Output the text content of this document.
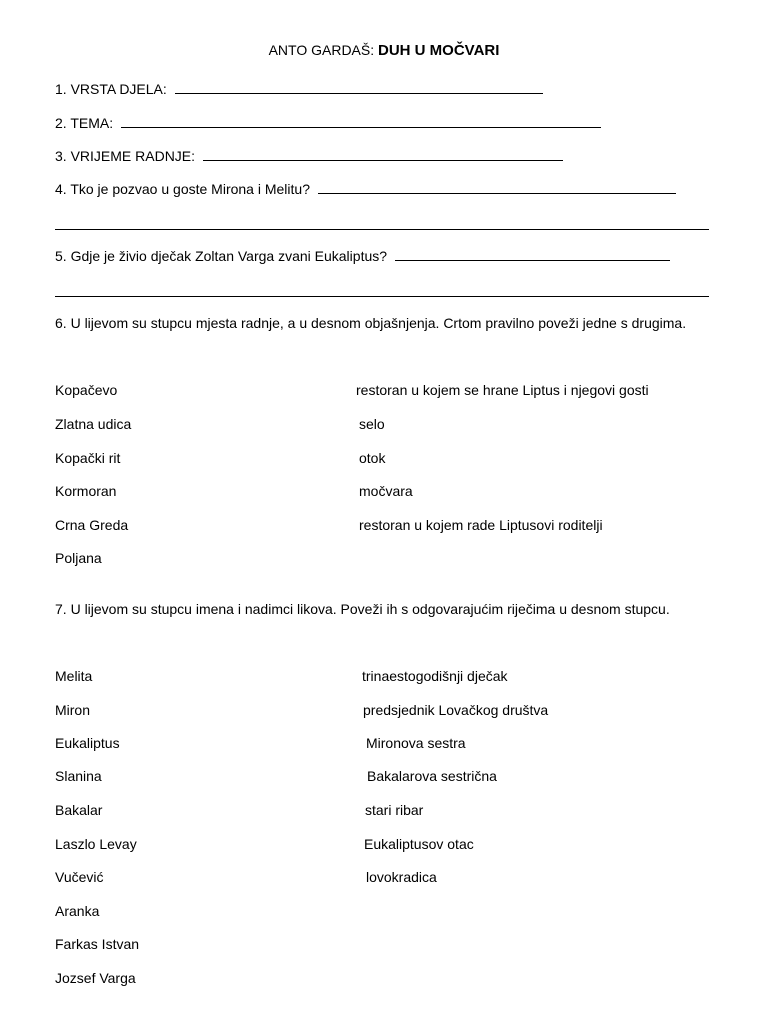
ANTO GARDAŠ: DUH U MOČVARI
1. VRSTA DJELA:
2. TEMA:
3. VRIJEME RADNJE:
4. Tko je pozvao u goste Mirona i Melitu?
5. Gdje je živio dječak Zoltan Varga zvani Eukaliptus?
6. U lijevom su stupcu mjesta radnje, a u desnom objašnjenja. Crtom pravilno poveži jedne s drugima.
Kopačevo
Zlatna udica
Kopački rit
Kormoran
Crna Greda
Poljana
restoran u kojem se hrane Liptus i njegovi gosti
selo
otok
močvara
restoran u kojem rade Liptusovi roditelji
7. U lijevom su stupcu imena i nadimci likova. Poveži ih s odgovarajućim riječima u desnom stupcu.
Melita
Miron
Eukaliptus
Slanina
Bakalar
Laszlo Levay
Vučević
Aranka
Farkas Istvan
Jozsef Varga
trinaestogodišnji dječak
predsjednik Lovačkog društva
Mironova sestra
Bakalarova sestrična
stari ribar
Eukaliptusov otac
lovokradica
